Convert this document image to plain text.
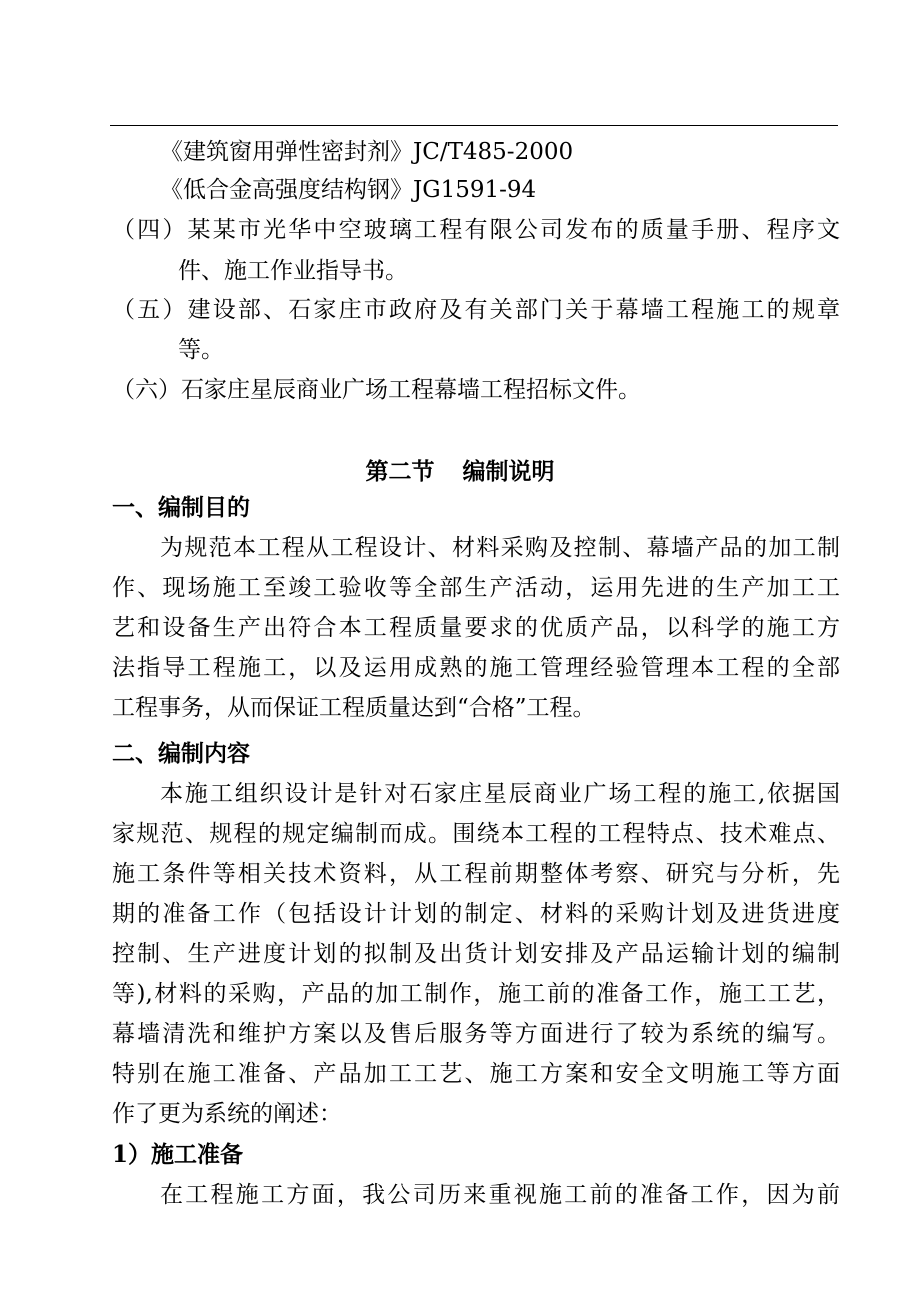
《建筑窗用弹性密封剂》JC/T485-2000
《低合金高强度结构钢》JG1591-94
（四）某某市光华中空玻璃工程有限公司发布的质量手册、程序文
件、施工作业指导书。
（五）建设部、石家庄市政府及有关部门关于幕墙工程施工的规章
等。
（六）石家庄星辰商业广场工程幕墙工程招标文件。
第二节 编制说明
一、编制目的
为规范本工程从工程设计、材料采购及控制、幕墙产品的加工制
作、现场施工至竣工验收等全部生产活动，运用先进的生产加工工
艺和设备生产出符合本工程质量要求的优质产品，以科学的施工方
法指导工程施工，以及运用成熟的施工管理经验管理本工程的全部
工程事务，从而保证工程质量达到“合格”工程。
二、编制内容
本施工组织设计是针对石家庄星辰商业广场工程的施工,依据国
家规范、规程的规定编制而成。围绕本工程的工程特点、技术难点、
施工条件等相关技术资料，从工程前期整体考察、研究与分析，先
期的准备工作（包括设计计划的制定、材料的采购计划及进货进度
控制、生产进度计划的拟制及出货计划安排及产品运输计划的编制
等),材料的采购，产品的加工制作，施工前的准备工作，施工工艺，
幕墙清洗和维护方案以及售后服务等方面进行了较为系统的编写。
特别在施工准备、产品加工工艺、施工方案和安全文明施工等方面
作了更为系统的阐述：
1）施工准备
在工程施工方面，我公司历来重视施工前的准备工作，因为前
